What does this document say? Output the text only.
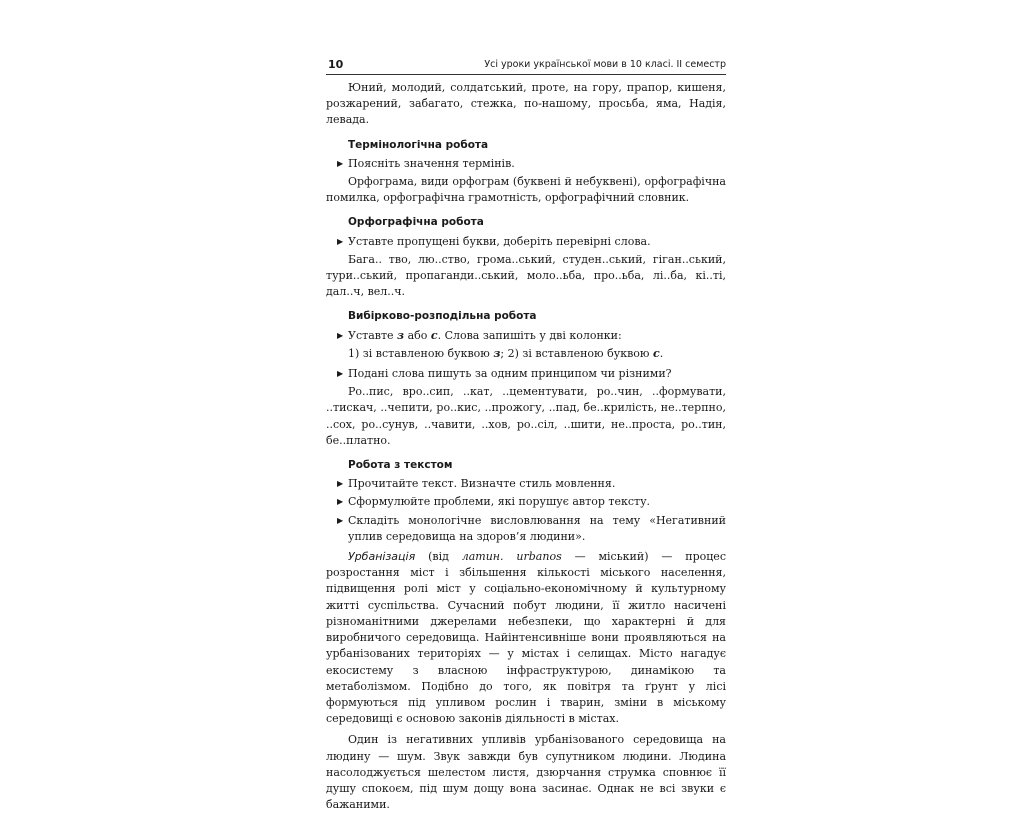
10	Усі уроки української мови в 10 класі. ІІ семестр

Юний, молодий, солдатський, проте, на гору, прапор, кишеня, розжарений, забагато, стежка, по-нашому, просьба, яма, Надія, левада.

Термінологічна робота
▶ Поясніть значення термінів.

Орфограма, види орфограм (буквені й небуквені), орфографічна помилка, орфографічна грамотність, орфографічний словник.

Орфографічна робота
▶ Уставте пропущені букви, доберіть перевірні слова.

Бага.. тво, лю..ство, грома..ський, студен..ський, гіган..ський, тури..ський, пропаганди..ський, моло..ьба, про..ьба, лі..ба, кі..ті, дал..ч, вел..ч.

Вибірково-розподільна робота
▶ Уставте з або с. Слова запишіть у дві колонки:
1) зі вставленою буквою з; 2) зі вставленою буквою с.
▶ Подані слова пишуть за одним принципом чи різними?

Ро..пис, вро..сип, ..кат, ..цементувати, ро..чин, ..формувати, ..тискач, ..чепити, ро..кис, ..прожогу, ..пад, бе..крилість, не..терпно, ..сох, ро..сунув, ..чавити, ..хов, ро..сіл, ..шити, не..проста, ро..тин, бе..платно.

Робота з текстом
▶ Прочитайте текст. Визначте стиль мовлення.
▶ Сформулюйте проблеми, які порушує автор тексту.
▶ Складіть монологічне висловлювання на тему «Негативний уплив середовища на здоров’я людини».

Урбанізація (від латин. urbanos — міський) — процес розростання міст і збільшення кількості міського населення, підвищення ролі міст у соціально-економічному й культурному житті суспільства. Сучасний побут людини, її житло насичені різноманітними джерелами небезпеки, що характерні й для виробничого середовища. Найінтенсивніше вони проявляються на урбанізованих територіях — у містах і селищах. Місто нагадує екосистему з власною інфраструктурою, динамікою та метаболізмом. Подібно до того, як повітря та ґрунт у лісі формуються під упливом рослин і тварин, зміни в міському середовищі є основою законів діяльності в містах.

Один із негативних упливів урбанізованого середовища на людину — шум. Звук завжди був супутником людини. Людина насолоджується шелестом листя, дзюрчання струмка сповнює її душу спокоєм, під шум дощу вона засинає. Однак не всі звуки є бажаними.
